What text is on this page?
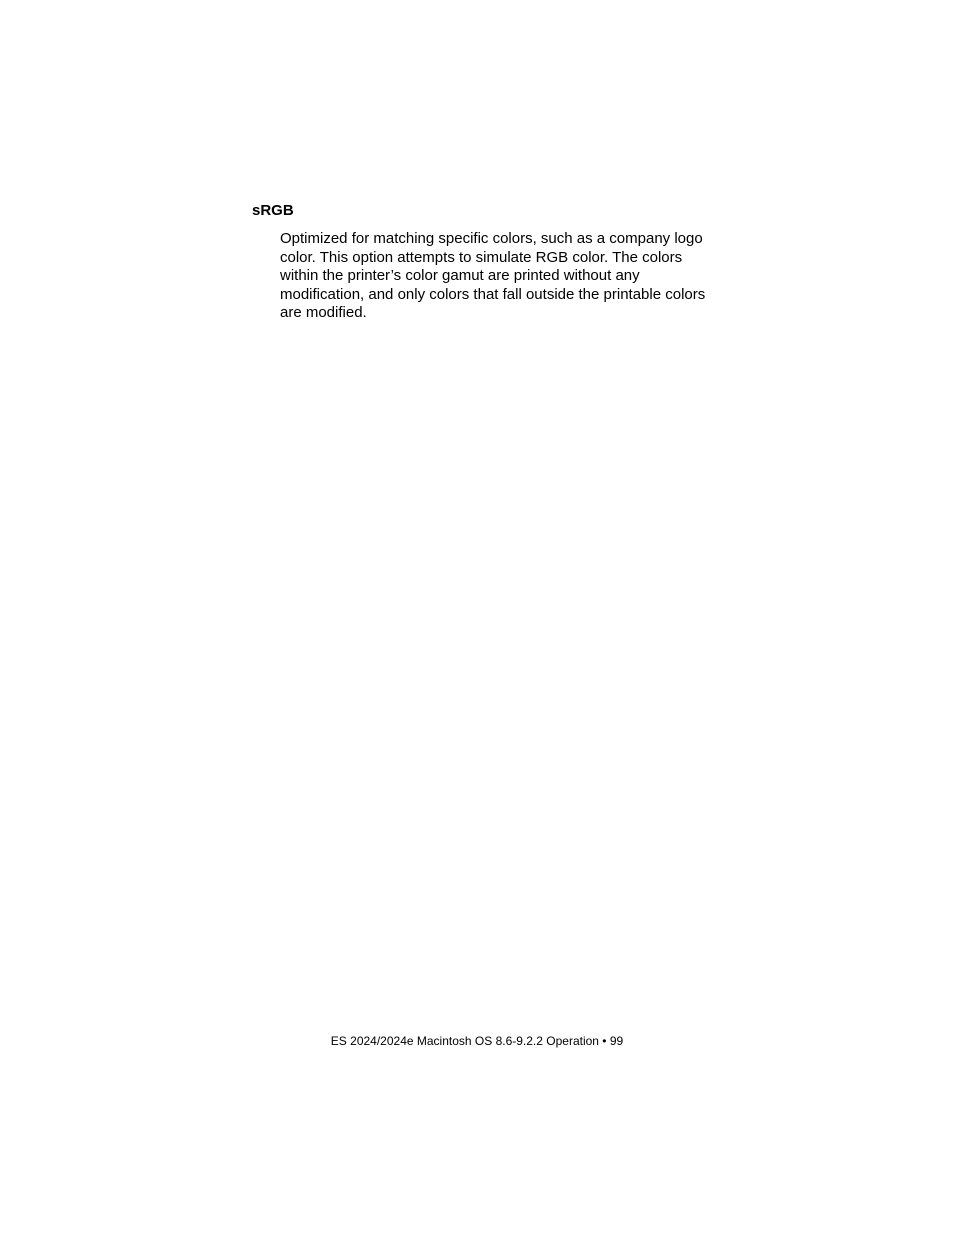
sRGB

Optimized for matching specific colors, such as a company logo
color. This option attempts to simulate RGB color. The colors
within the printer’s color gamut are printed without any
modification, and only colors that fall outside the printable colors
are modified.

ES 2024/2024e Macintosh OS 8.6-9.2.2 Operation • 99
